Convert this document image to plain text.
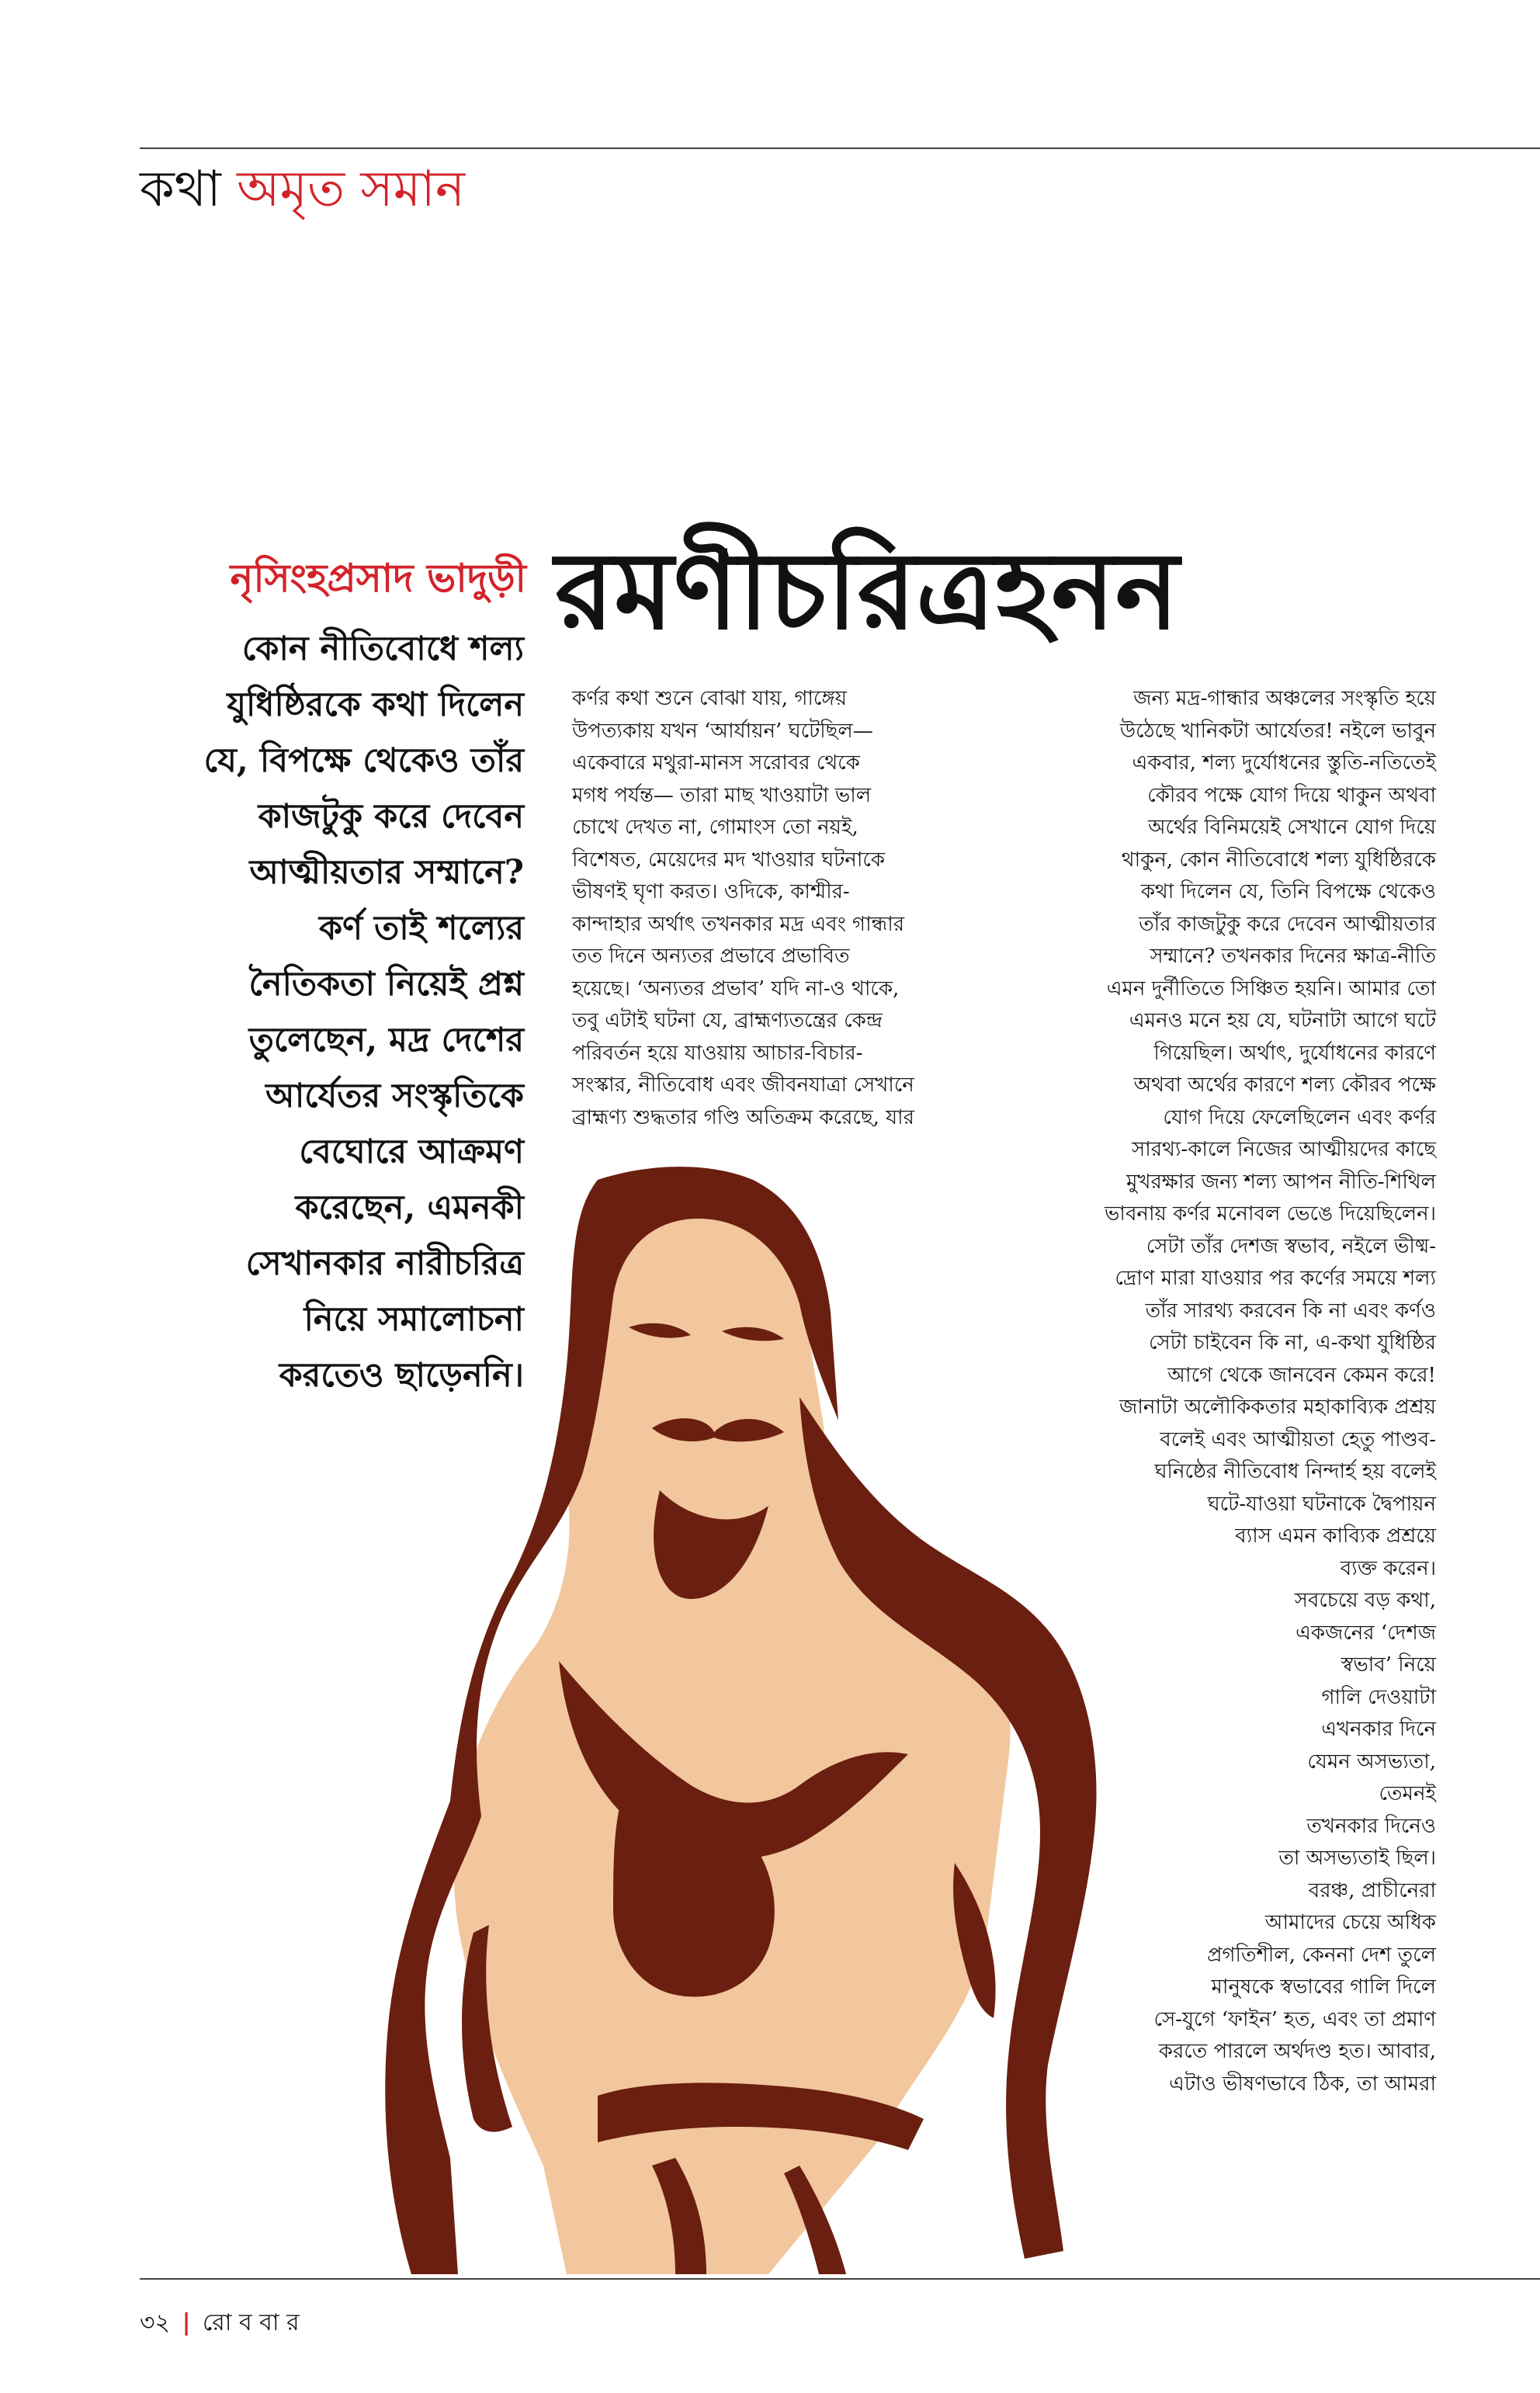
কথা অমৃত সমান
নৃসিংহপ্রসাদ ভাদুড়ী রমণীচরিত্রহনন
কোন নীতিবোধে শল্য
যুধিষ্ঠিরকে কথা দিলেন
যে, বিপক্ষে থেকেও তাঁর
কাজটুকু করে দেবেন
আত্মীয়তার সম্মানে?
কর্ণ তাই শল্যের
নৈতিকতা নিয়েই প্রশ্ন
তুলেছেন, মদ্র দেশের
আর্যেতর সংস্কৃতিকে
বেঘোরে আক্রমণ
করেছেন, এমনকী
সেখানকার নারীচরিত্র
নিয়ে সমালোচনা
করতেও ছাড়েননি।
কর্ণর কথা শুনে বোঝা যায়, গাঙ্গেয়
উপত্যকায় যখন ‘আর্যায়ন’ ঘটেছিল—
একেবারে মথুরা-মানস সরোবর থেকে
মগধ পর্যন্ত— তারা মাছ খাওয়াটা ভাল
চোখে দেখত না, গোমাংস তো নয়ই,
বিশেষত, মেয়েদের মদ খাওয়ার ঘটনাকে
ভীষণই ঘৃণা করত। ওদিকে, কাশ্মীর-
কান্দাহার অর্থাৎ তখনকার মদ্র এবং গান্ধার
তত দিনে অন্যতর প্রভাবে প্রভাবিত
হয়েছে। ‘অন্যতর প্রভাব’ যদি না-ও থাকে,
তবু এটাই ঘটনা যে, ব্রাহ্মণ্যতন্ত্রের কেন্দ্র
পরিবর্তন হয়ে যাওয়ায় আচার-বিচার-
সংস্কার, নীতিবোধ এবং জীবনযাত্রা সেখানে
ব্রাহ্মণ্য শুদ্ধতার গণ্ডি অতিক্রম করেছে, যার
জন্য মদ্র-গান্ধার অঞ্চলের সংস্কৃতি হয়ে
উঠেছে খানিকটা আর্যেতর! নইলে ভাবুন
একবার, শল্য দুর্যোধনের স্তুতি-নতিতেই
কৌরব পক্ষে যোগ দিয়ে থাকুন অথবা
অর্থের বিনিময়েই সেখানে যোগ দিয়ে
থাকুন, কোন নীতিবোধে শল্য যুধিষ্ঠিরকে
কথা দিলেন যে, তিনি বিপক্ষে থেকেও
তাঁর কাজটুকু করে দেবেন আত্মীয়তার
সম্মানে? তখনকার দিনের ক্ষাত্র-নীতি
এমন দুর্নীতিতে সিঞ্চিত হয়নি। আমার তো
এমনও মনে হয় যে, ঘটনাটা আগে ঘটে
গিয়েছিল। অর্থাৎ, দুর্যোধনের কারণে
অথবা অর্থের কারণে শল্য কৌরব পক্ষে
যোগ দিয়ে ফেলেছিলেন এবং কর্ণর
সারথ্য-কালে নিজের আত্মীয়দের কাছে
মুখরক্ষার জন্য শল্য আপন নীতি-শিথিল
ভাবনায় কর্ণর মনোবল ভেঙে দিয়েছিলেন।
সেটা তাঁর দেশজ স্বভাব, নইলে ভীষ্ম-
দ্রোণ মারা যাওয়ার পর কর্ণের সময়ে শল্য
তাঁর সারথ্য করবেন কি না এবং কর্ণও
সেটা চাইবেন কি না, এ-কথা যুধিষ্ঠির
আগে থেকে জানবেন কেমন করে!
জানাটা অলৌকিকতার মহাকাব্যিক প্রশ্রয়
বলেই এবং আত্মীয়তা হেতু পাণ্ডব-
ঘনিষ্ঠের নীতিবোধ নিন্দার্হ হয় বলেই
ঘটে-যাওয়া ঘটনাকে দ্বৈপায়ন
ব্যাস এমন কাব্যিক প্রশ্রয়ে
ব্যক্ত করেন।
সবচেয়ে বড় কথা,
একজনের ‘দেশজ
স্বভাব’ নিয়ে
গালি দেওয়াটা
এখনকার দিনে
যেমন অসভ্যতা,
তেমনই
তখনকার দিনেও
তা অসভ্যতাই ছিল।
বরঞ্চ, প্রাচীনেরা
আমাদের চেয়ে অধিক
প্রগতিশীল, কেননা দেশ তুলে
মানুষকে স্বভাবের গালি দিলে
সে-যুগে ‘ফাইন’ হত, এবং তা প্রমাণ
করতে পারলে অর্থদণ্ড হত। আবার,
এটাও ভীষণভাবে ঠিক, তা আমরা
৩২ | রো ব বা র
